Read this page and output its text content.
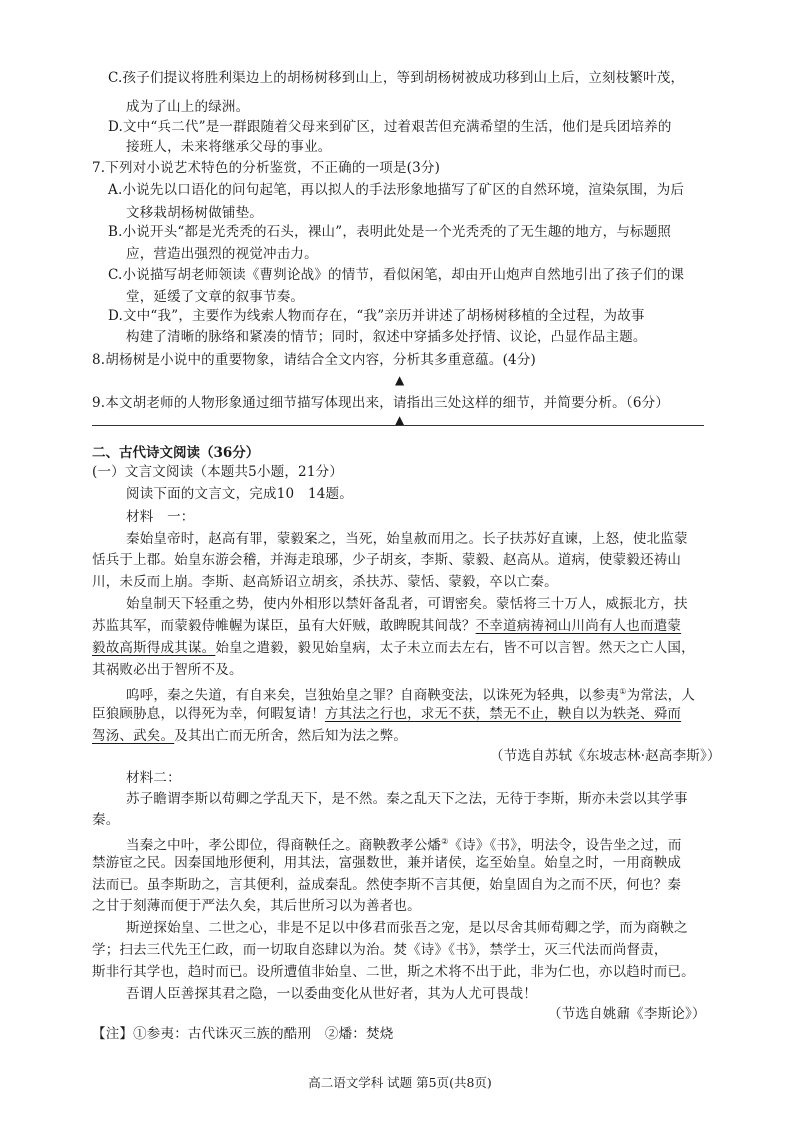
C.孩子们提议将胜利渠边上的胡杨树移到山上，等到胡杨树被成功移到山上后，立刻枝繁叶茂，
成为了山上的绿洲。
D.文中“兵二代”是一群跟随着父母来到矿区，过着艰苦但充满希望的生活，他们是兵团培养的
接班人，未来将继承父母的事业。
7.下列对小说艺术特色的分析鉴赏，不正确的一项是(3分)
A.小说先以口语化的问句起笔，再以拟人的手法形象地描写了矿区的自然环境，渲染氛围，为后
文移栽胡杨树做铺垫。
B.小说开头“都是光秃秃的石头，裸山”，表明此处是一个光秃秃的了无生趣的地方，与标题照
应，营造出强烈的视觉冲击力。
C.小说描写胡老师领读《曹刿论战》的情节，看似闲笔，却由开山炮声自然地引出了孩子们的课
堂，延缓了文章的叙事节奏。
D.文中“我”，主要作为线索人物而存在，“我”亲历并讲述了胡杨树移植的全过程，为故事
构建了清晰的脉络和紧凑的情节；同时，叙述中穿插多处抒情、议论，凸显作品主题。
8.胡杨树是小说中的重要物象，请结合全文内容，分析其多重意蕴。(4分)
▲
9.本文胡老师的人物形象通过细节描写体现出来，请指出三处这样的细节，并简要分析。（6分）
▲
二、古代诗文阅读（36分）
(一）文言文阅读（本题共5小题，21分）
阅读下面的文言文，完成10　14题。
材料　一：
秦始皇帝时，赵高有罪，蒙毅案之，当死，始皇赦而用之。长子扶苏好直谏，上怒，使北监蒙
恬兵于上郡。始皇东游会稽，并海走琅琊，少子胡亥，李斯、蒙毅、赵高从。道病，使蒙毅还祷山
川，未反而上崩。李斯、赵高矫诏立胡亥，杀扶苏、蒙恬、蒙毅，卒以亡秦。
始皇制天下轻重之势，使内外相形以禁奸备乱者，可谓密矣。蒙恬将三十万人，威振北方，扶
苏监其军，而蒙毅侍帷幄为谋臣，虽有大奸贼，敢睥睨其间哉？不幸道病祷祠山川尚有人也而遣蒙
毅故高斯得成其谋。始皇之遣毅，毅见始皇病，太子未立而去左右，皆不可以言智。然天之亡人国，
其祸败必出于智所不及。
呜呼，秦之失道，有自来矣，岂独始皇之罪？自商鞅变法，以诛死为轻典，以参夷①为常法，人
臣狼顾胁息，以得死为幸，何暇复请！方其法之行也，求无不获，禁无不止，鞅自以为轶尧、舜而
驾汤、武矣。及其出亡而无所舍，然后知为法之弊。
（节选自苏轼《东坡志林·赵高李斯》）
材料二：
苏子瞻谓李斯以荀卿之学乱天下，是不然。秦之乱天下之法，无待于李斯，斯亦未尝以其学事
秦。
当秦之中叶，孝公即位，得商鞅任之。商鞅教孝公燔②《诗》《书》，明法令，设告坐之过，而
禁游宦之民。因秦国地形便利，用其法，富强数世，兼并诸侯，迄至始皇。始皇之时，一用商鞅成
法而已。虽李斯助之，言其便利，益成秦乱。然使李斯不言其便，始皇固自为之而不厌，何也？秦
之甘于刻薄而便于严法久矣，其后世所习以为善者也。
斯逆探始皇、二世之心，非是不足以中侈君而张吾之宠，是以尽舍其师荀卿之学，而为商鞅之
学；扫去三代先王仁政，而一切取自恣肆以为治。焚《诗》《书》，禁学士，灭三代法而尚督责，
斯非行其学也，趋时而已。设所遭值非始皇、二世，斯之术将不出于此，非为仁也，亦以趋时而已。
吾谓人臣善探其君之隐，一以委曲变化从世好者，其为人尤可畏哉！
（节选自姚鼐《李斯论》）
【注】①参夷：古代诛灭三族的酷刑　②燔：焚烧
高二语文学科 试题 第5页(共8页)
